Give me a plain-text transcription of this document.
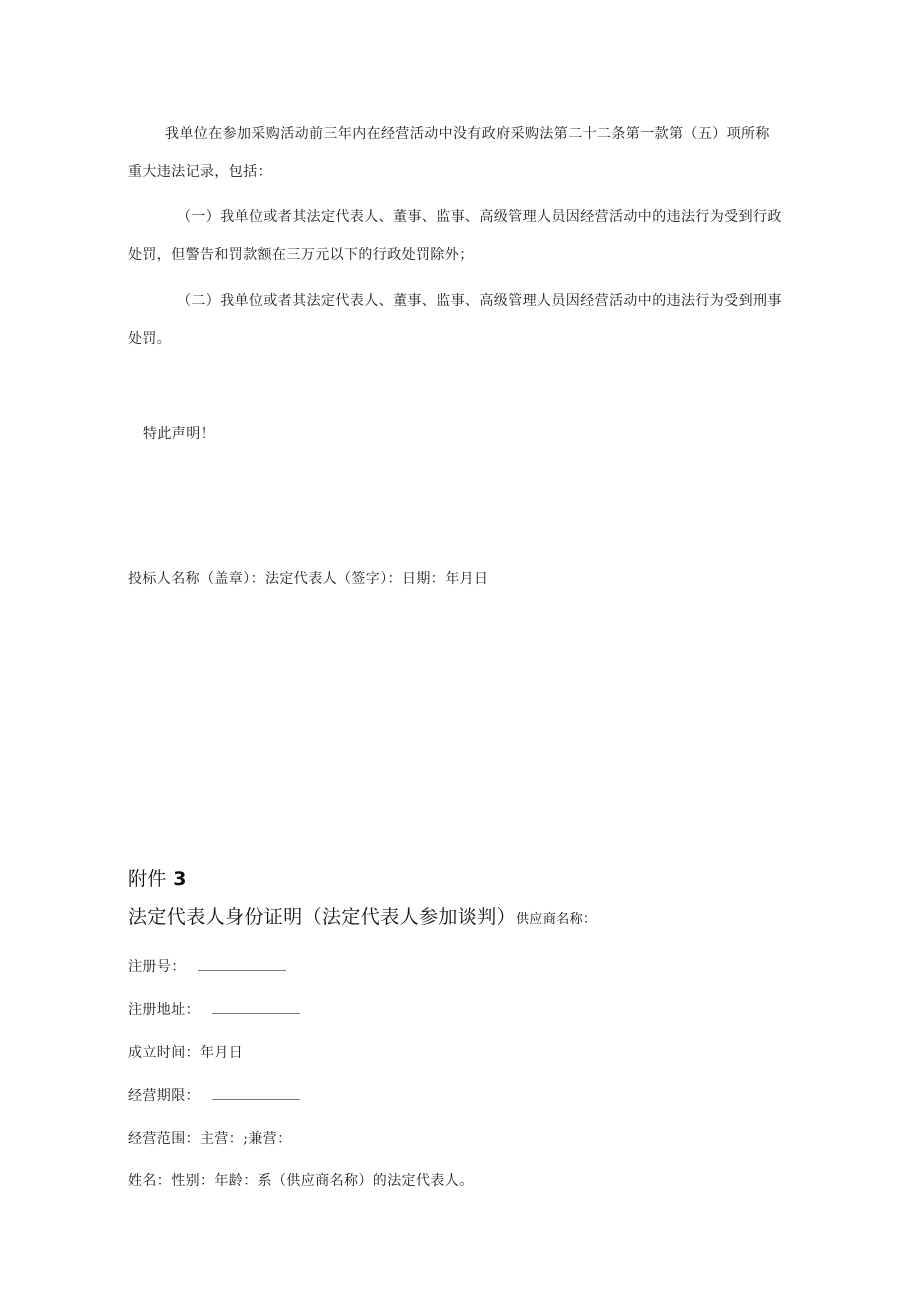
我单位在参加采购活动前三年内在经营活动中没有政府采购法第二十二条第一款第（五）项所称
重大违法记录，包括：
（一）我单位或者其法定代表人、董事、监事、高级管理人员因经营活动中的违法行为受到行政
处罚，但警告和罚款额在三万元以下的行政处罚除外；
（二）我单位或者其法定代表人、董事、监事、高级管理人员因经营活动中的违法行为受到刑事
处罚。
特此声明！
投标人名称（盖章）：法定代表人（签字）：日期：年月日
附件 3
法定代表人身份证明（法定代表人参加谈判）供应商名称：
注册号：
注册地址：
成立时间：年月日
经营期限：
经营范围：主营：;兼营：
姓名：性别：年龄：系（供应商名称）的法定代表人。
